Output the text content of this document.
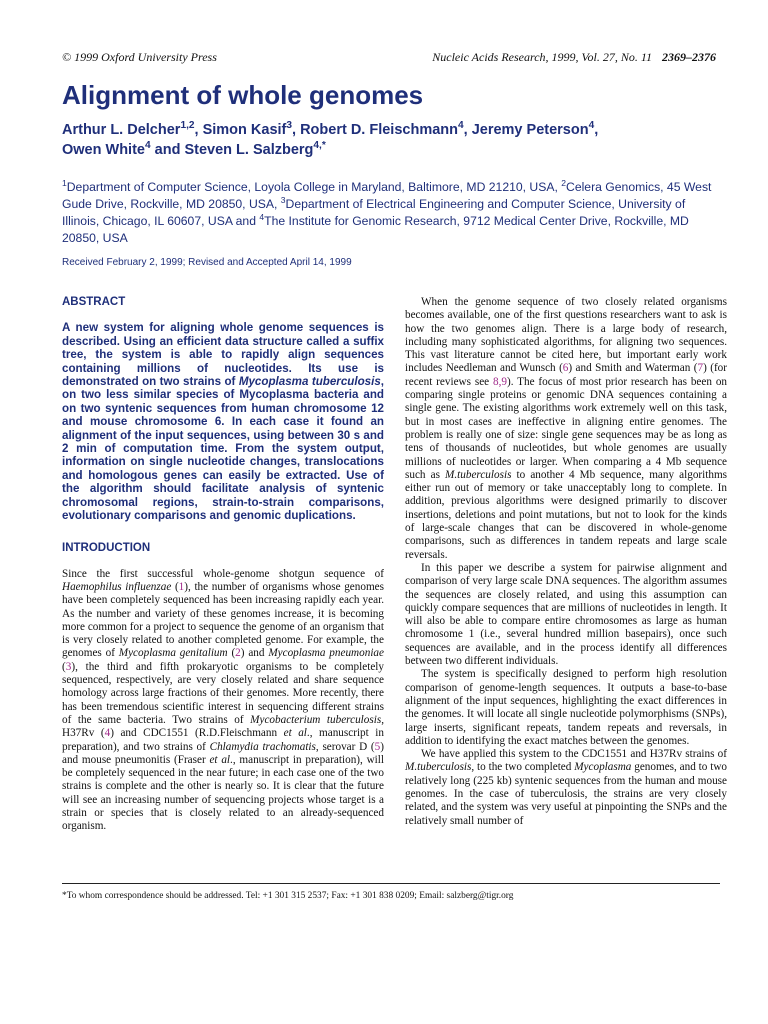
© 1999 Oxford University Press	Nucleic Acids Research, 1999, Vol. 27, No. 11 2369–2376
Alignment of whole genomes
Arthur L. Delcher$^{1,2}$, Simon Kasif$^3$, Robert D. Fleischmann$^4$, Jeremy Peterson$^4$,
Owen White$^4$ and Steven L. Salzberg$^{4,*}$
$^1$Department of Computer Science, Loyola College in Maryland, Baltimore, MD 21210, USA, $^2$Celera Genomics, 45 West Gude Drive, Rockville, MD 20850, USA, $^3$Department of Electrical Engineering and Computer Science, University of Illinois, Chicago, IL 60607, USA and $^4$The Institute for Genomic Research, 9712 Medical Center Drive, Rockville, MD 20850, USA
Received February 2, 1999; Revised and Accepted April 14, 1999
ABSTRACT

A new system for aligning whole genome sequences is described. Using an efficient data structure called a suffix tree, the system is able to rapidly align sequences containing millions of nucleotides. Its use is demonstrated on two strains of Mycoplasma tuberculosis, on two less similar species of Mycoplasma bacteria and on two syntenic sequences from human chromosome 12 and mouse chromosome 6. In each case it found an alignment of the input sequences, using between 30 s and 2 min of computation time. From the system output, information on single nucleotide changes, translocations and homologous genes can easily be extracted. Use of the algorithm should facilitate analysis of syntenic chromosomal regions, strain-to-strain comparisons, evolutionary comparisons and genomic duplications.

INTRODUCTION

Since the first successful whole-genome shotgun sequence of Haemophilus influenzae (1), the number of organisms whose genomes have been completely sequenced has been increasing rapidly each year. As the number and variety of these genomes increase, it is becoming more common for a project to sequence the genome of an organism that is very closely related to another completed genome. For example, the genomes of Mycoplasma genitalium (2) and Mycoplasma pneumoniae (3), the third and fifth prokaryotic organisms to be completely sequenced, respectively, are very closely related and share sequence homology across large fractions of their genomes. More recently, there has been tremendous scientific interest in sequencing different strains of the same bacteria. Two strains of Mycobacterium tuberculosis, H37Rv (4) and CDC1551 (R.D.Fleischmann et al., manuscript in preparation), and two strains of Chlamydia trachomatis, serovar D (5) and mouse pneumonitis (Fraser et al., manuscript in preparation), will be completely sequenced in the near future; in each case one of the two strains is complete and the other is nearly so. It is clear that the future will see an increasing number of sequencing projects whose target is a strain or species that is closely related to an already-sequenced organism.

When the genome sequence of two closely related organisms becomes available, one of the first questions researchers want to ask is how the two genomes align. There is a large body of research, including many sophisticated algorithms, for aligning two sequences. This vast literature cannot be cited here, but important early work includes Needleman and Wunsch (6) and Smith and Waterman (7) (for recent reviews see 8,9). The focus of most prior research has been on comparing single proteins or genomic DNA sequences containing a single gene. The existing algorithms work extremely well on this task, but in most cases are ineffective in aligning entire genomes. The problem is really one of size: single gene sequences may be as long as tens of thousands of nucleotides, but whole genomes are usually millions of nucleotides or larger. When comparing a 4 Mb sequence such as M.tuberculosis to another 4 Mb sequence, many algorithms either run out of memory or take unacceptably long to complete. In addition, previous algorithms were designed primarily to discover insertions, deletions and point mutations, but not to look for the kinds of large-scale changes that can be discovered in whole-genome comparisons, such as differences in tandem repeats and large scale reversals.

In this paper we describe a system for pairwise alignment and comparison of very large scale DNA sequences. The algorithm assumes the sequences are closely related, and using this assumption can quickly compare sequences that are millions of nucleotides in length. It will also be able to compare entire chromosomes as large as human chromosome 1 (i.e., several hundred million basepairs), once such sequences are available, and in the process identify all differences between two different individuals.

The system is specifically designed to perform high resolution comparison of genome-length sequences. It outputs a base-to-base alignment of the input sequences, highlighting the exact differences in the genomes. It will locate all single nucleotide polymorphisms (SNPs), large inserts, significant repeats, tandem repeats and reversals, in addition to identifying the exact matches between the genomes.

We have applied this system to the CDC1551 and H37Rv strains of M.tuberculosis, to the two completed Mycoplasma genomes, and to two relatively long (225 kb) syntenic sequences from the human and mouse genomes. In the case of tuberculosis, the strains are very closely related, and the system was very useful at pinpointing the SNPs and the relatively small number of

*To whom correspondence should be addressed. Tel: +1 301 315 2537; Fax: +1 301 838 0209; Email: salzberg@tigr.org
